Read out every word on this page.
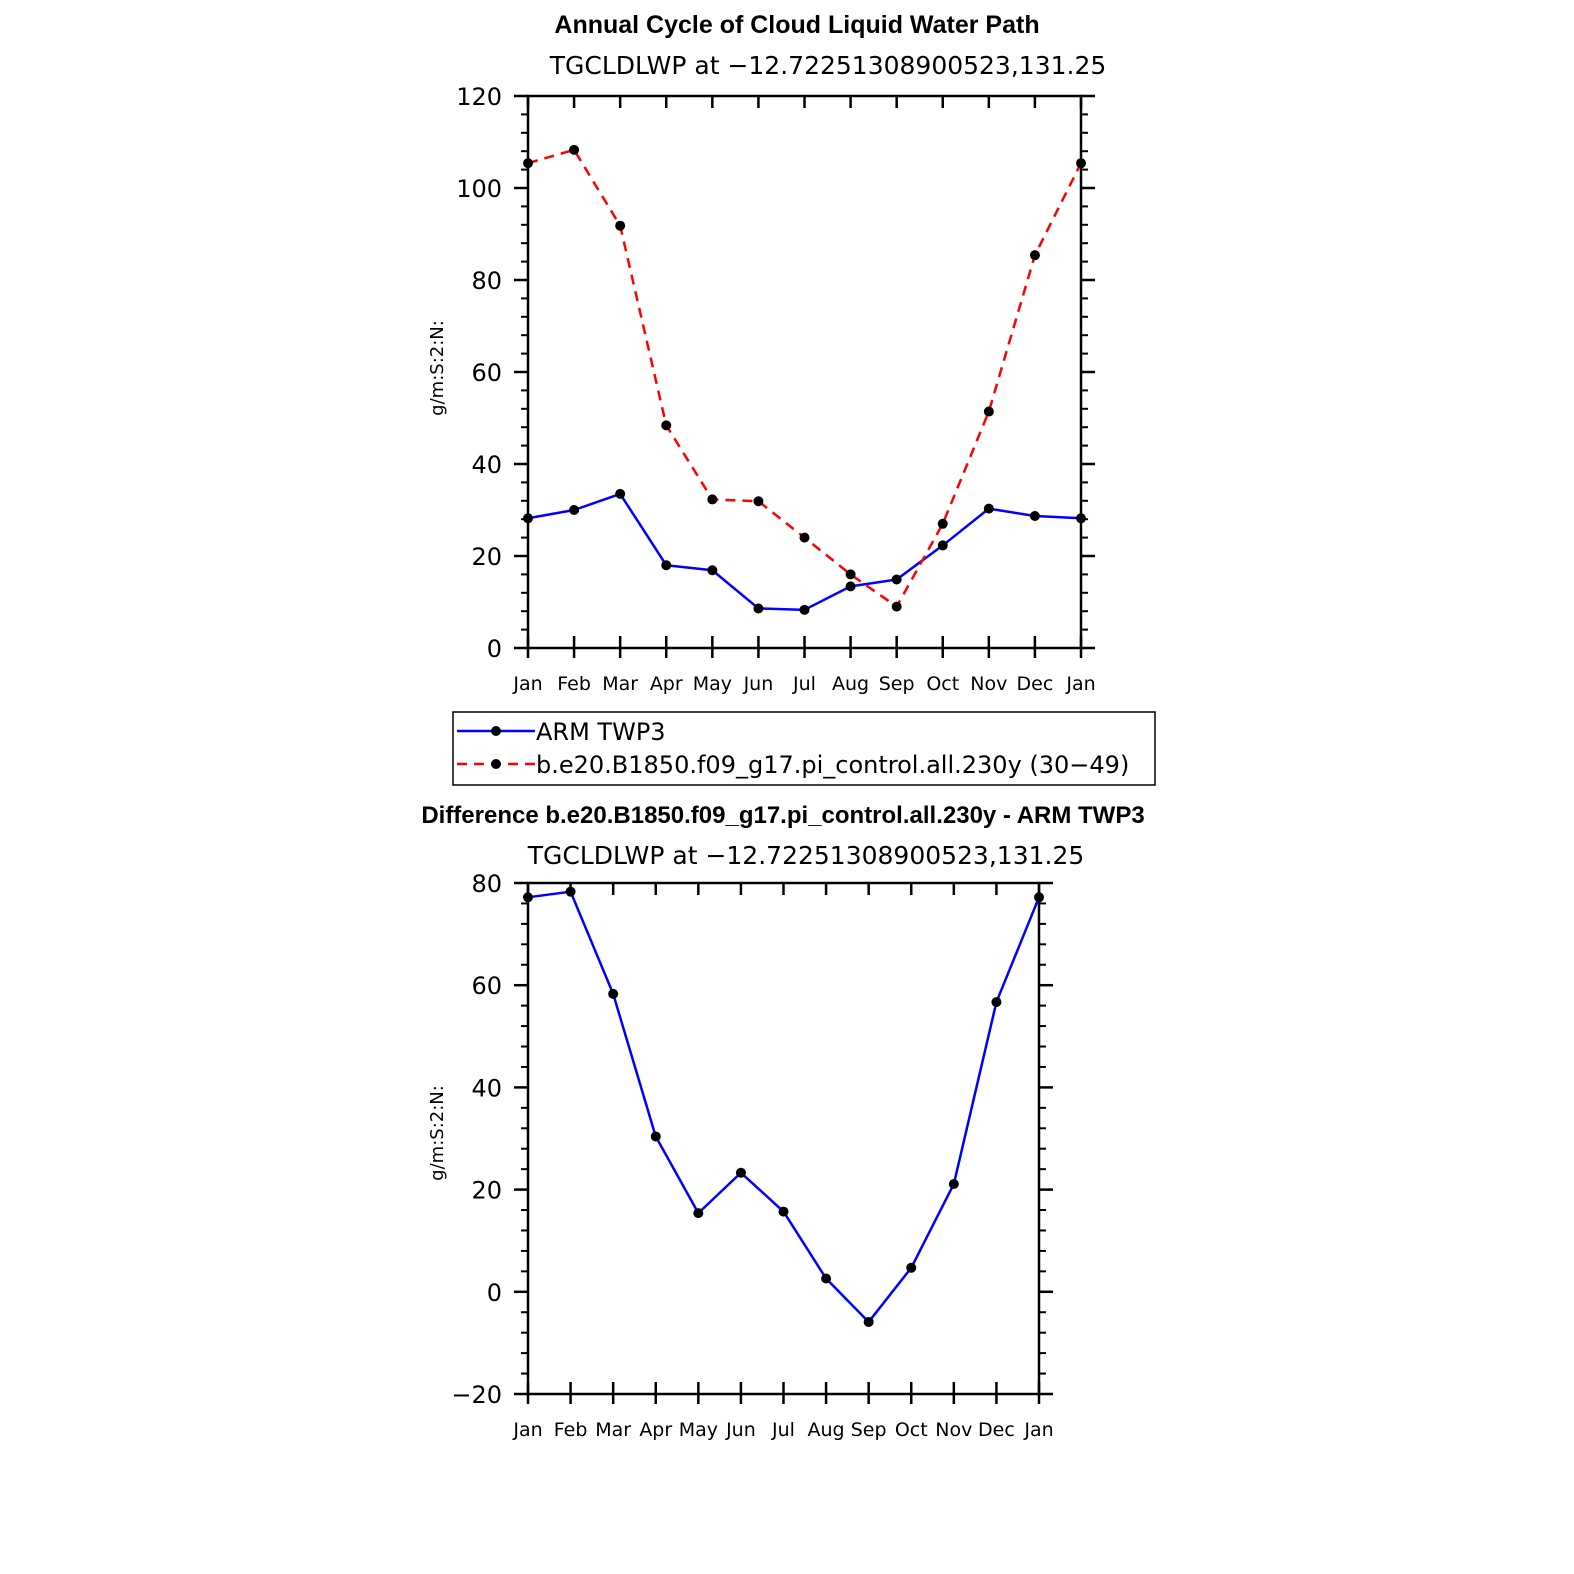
Annual Cycle of Cloud Liquid Water Path
TGCLDLWP at −12.72251308900523,131.25
g/m:S:2:N:
Jan Feb Mar Apr May Jun Jul Aug Sep Oct Nov Dec Jan
0
20
40
60
80
100
120
ARM TWP3
b.e20.B1850.f09_g17.pi_control.all.230y (30−49)
Difference b.e20.B1850.f09_g17.pi_control.all.230y - ARM TWP3
TGCLDLWP at −12.72251308900523,131.25
g/m:S:2:N:
Jan Feb Mar Apr May Jun Jul Aug Sep Oct Nov Dec Jan
−20
0
20
40
60
80
